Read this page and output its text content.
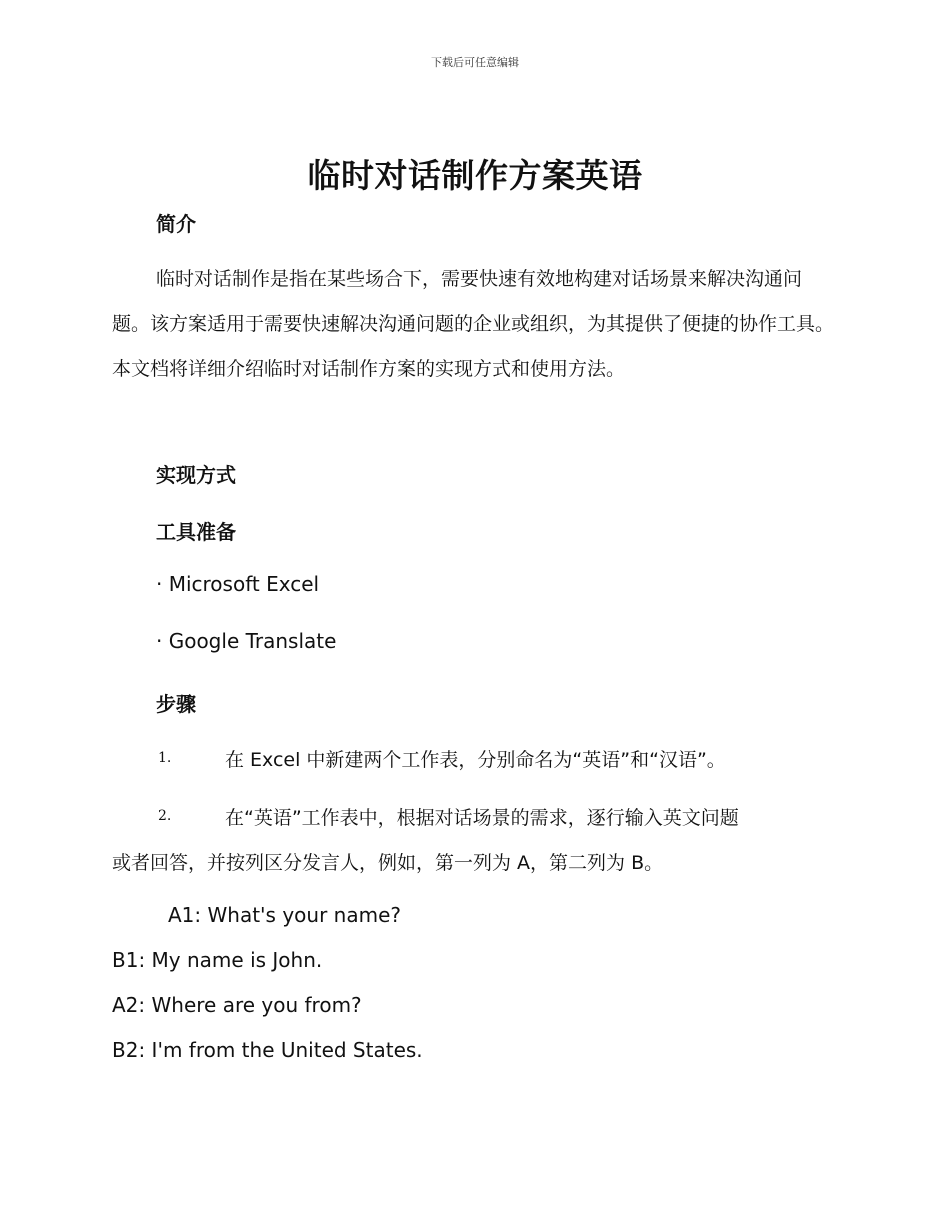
下载后可任意编辑
临时对话制作方案英语
简介
临时对话制作是指在某些场合下，需要快速有效地构建对话场景来解决沟通问题。该方案适用于需要快速解决沟通问题的企业或组织，为其提供了便捷的协作工具。本文档将详细介绍临时对话制作方案的实现方式和使用方法。
实现方式
工具准备
· Microsoft Excel
· Google Translate
步骤
1.	在 Excel 中新建两个工作表，分别命名为“英语”和“汉语”。
2.	在“英语”工作表中，根据对话场景的需求，逐行输入英文问题
或者回答，并按列区分发言人，例如，第一列为 A，第二列为 B。
A1: What's your name?
B1: My name is John.
A2: Where are you from?
B2: I'm from the United States.
